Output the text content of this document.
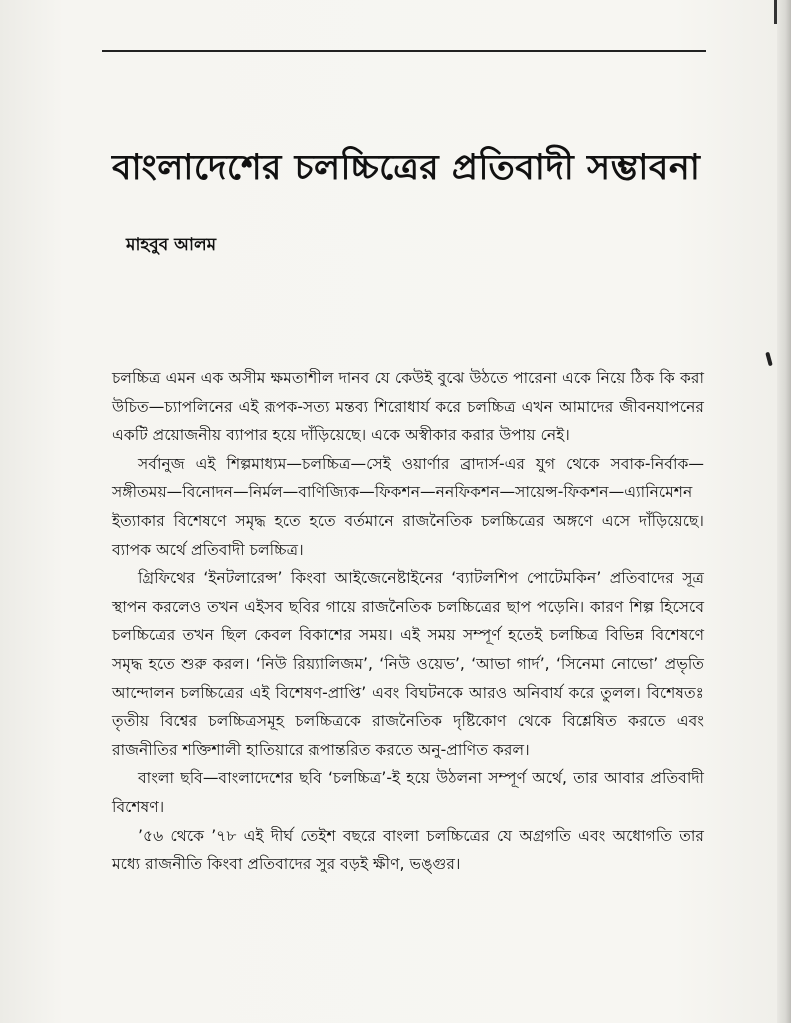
বাংলাদেশের চলচ্চিত্রের প্রতিবাদী সম্ভাবনা

মাহবুব আলম

চলচ্চিত্র এমন এক অসীম ক্ষমতাশীল দানব যে কেউই বুঝে উঠতে পারেনা একে নিয়ে ঠিক কি করা উচিত—চ্যাপলিনের এই রূপক-সত্য মন্তব্য শিরোধার্য করে চলচ্চিত্র এখন আমাদের জীবনযাপনের একটি প্রয়োজনীয় ব্যাপার হয়ে দাঁড়িয়েছে। একে অস্বীকার করার উপায় নেই।

সর্বানুজ এই শিল্পমাধ্যম—চলচ্চিত্র—সেই ওয়ার্ণার ব্রাদার্স-এর যুগ থেকে সবাক-নির্বাক—সঙ্গীতময়—বিনোদন—নির্মল—বাণিজ্যিক—ফিকশন—ননফিকশন—সায়েন্স-ফিকশন—এ্যানিমেশন ইত্যাকার বিশেষণে সমৃদ্ধ হতে হতে বর্তমানে রাজনৈতিক চলচ্চিত্রের অঙ্গণে এসে দাঁড়িয়েছে। ব্যাপক অর্থে প্রতিবাদী চলচ্চিত্র।

গ্রিফিথের ‘ইনটলারেন্স’ কিংবা আইজেনেষ্টাইনের ‘ব্যাটলশিপ পোটেমকিন’ প্রতিবাদের সূত্র স্থাপন করলেও তখন এইসব ছবির গায়ে রাজনৈতিক চলচ্চিত্রের ছাপ পড়েনি। কারণ শিল্প হিসেবে চলচ্চিত্রের তখন ছিল কেবল বিকাশের সময়। এই সময় সম্পূর্ণ হতেই চলচ্চিত্র বিভিন্ন বিশেষণে সমৃদ্ধ হতে শুরু করল। ‘নিউ রিয়্যালিজম’, ‘নিউ ওয়েভ’, ‘আভা গার্দ’, ‘সিনেমা নোভো’ প্রভৃতি আন্দোলন চলচ্চিত্রের এই বিশেষণ-প্রাপ্তি’ এবং বিঘটনকে আরও অনিবার্য করে তুলল। বিশেষতঃ তৃতীয় বিশ্বের চলচ্চিত্রসমূহ চলচ্চিত্রকে রাজনৈতিক দৃষ্টিকোণ থেকে বিশ্লেষিত করতে এবং রাজনীতির শক্তিশালী হাতিয়ারে রূপান্তরিত করতে অনু-প্রাণিত করল।

বাংলা ছবি—বাংলাদেশের ছবি ‘চলচ্চিত্র’-ই হয়ে উঠলনা সম্পূর্ণ অর্থে, তার আবার প্রতিবাদী বিশেষণ।

’৫৬ থেকে ’৭৮ এই দীর্ঘ তেইশ বছরে বাংলা চলচ্চিত্রের যে অগ্রগতি এবং অধোগতি তার মধ্যে রাজনীতি কিংবা প্রতিবাদের সুর বড়ই ক্ষীণ, ভঙ্গুর।
